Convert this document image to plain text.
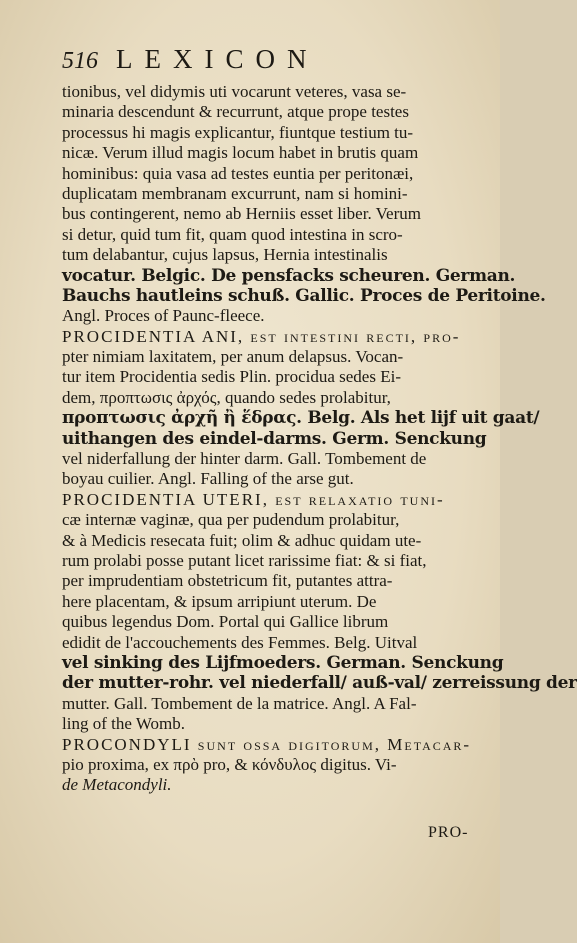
516 LEXICON
tionibus, vel didymis uti vocarunt veteres, vasa se-
minaria descendunt & recurrunt, atque prope testes
processus hi magis explicantur, fiuntque testium tu-
nicæ. Verum illud magis locum habet in brutis quam
hominibus: quia vasa ad testes euntia per peritonæi,
duplicatam membranam excurrunt, nam si homini-
bus contingerent, nemo ab Herniis esset liber. Verum
si detur, quid tum fit, quam quod intestina in scro-
tum delabantur, cujus lapsus, Hernia intestinalis
vocatur. Belgic. De pensfacks scheuren. German.
Bauchs hautleins schuß. Gallic. Proces de Peritoine.
Angl. Proces of Paunc-fleece.
PROCIDENTIA ANI, est intestini recti, pro-
pter nimiam laxitatem, per anum delapsus. Vocan-
tur item Procidentia sedis Plin. procidua sedes Ei-
dem, προπτωσις ἀρχός, quando sedes prolabitur,
προπτωσις ἀρχῆ ἢ ἕδρας. Belg. Als het lijf uit gaat/
uithangen des eindel-darms. Germ. Senckung
vel niderfallung der hinter darm. Gall. Tombement de
boyau cuilier. Angl. Falling of the arse gut.
PROCIDENTIA UTERI, est relaxatio tuni-
cæ internæ vaginæ, qua per pudendum prolabitur,
& à Medicis resecata fuit; olim & adhuc quidam ute-
rum prolabi posse putant licet rarissime fiat: & si fiat,
per imprudentiam obstetricum fit, putantes attra-
here placentam, & ipsum arripiunt uterum. De
quibus legendus Dom. Portal qui Gallice librum
edidit de l'accouchements des Femmes. Belg. Uitval
vel sinking des Lijfmoeders. German. Senckung
der mutter-rohr. vel niederfall/ auß-val/ zerreissung der
mutter. Gall. Tombement de la matrice. Angl. A Fal-
ling of the Womb.
PROCONDYLI sunt ossa digitorum, Metacar-
pio proxima, ex πρὸ pro, & κόνδυλος digitus. Vi-
de Metacondyli.
PRO-
